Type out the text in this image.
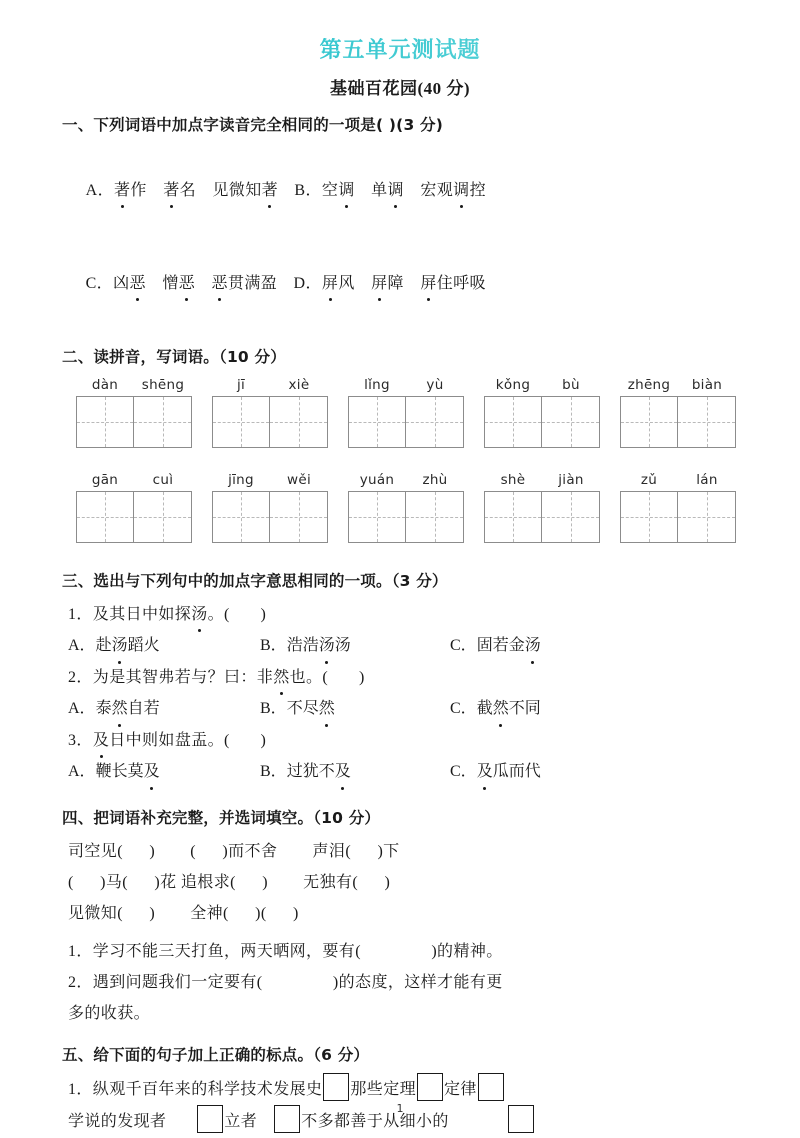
第五单元测试题
基础百花园(40 分)
一、下列词语中加点字读音完全相同的一项是( )(3 分)

A．著作　 著名　 见微知著　 B．空调　 单调　 宏观调控

C．凶恶　 憎恶　 恶贯满盈　 D．屏风　 屏障　 屏住呼吸

二、读拼音，写词语。（10 分）
dàn	shēng	jī	xiè	lǐng	yù	kǒng	bù	zhēng	biàn
gān	cuì	jīng	wěi	yuán	zhù	shè	jiàn	zǔ	lán
三、选出与下列句中的加点字意思相同的一项。（3 分）
1．及其日中如探汤。(       )
A．赴汤蹈火	B．浩浩汤汤	C．固若金汤
2．为是其智弗若与？曰：非然也。(       )
A．泰然自若	B．不尽然	C．截然不同
3．及日中则如盘盂。(       )
A．鞭长莫及	B．过犹不及	C．及瓜而代
四、把词语补充完整，并选词填空。（10 分）
司空见(      )        (      )而不舍        声泪(      )下
(      )马(      )花 追根求(      )        无独有(      )
见微知(      )        全神(      )(      )
1．学习不能三天打鱼，两天晒网，要有(                )的精神。
2．遇到问题我们一定要有(                )的态度，这样才能有更
多的收获。
五、给下面的句子加上正确的标点。（6 分）
1．纵观千百年来的科学技术发展史 那些定理 定律
学说的发现者	立者	不多都善于从细小的
1
